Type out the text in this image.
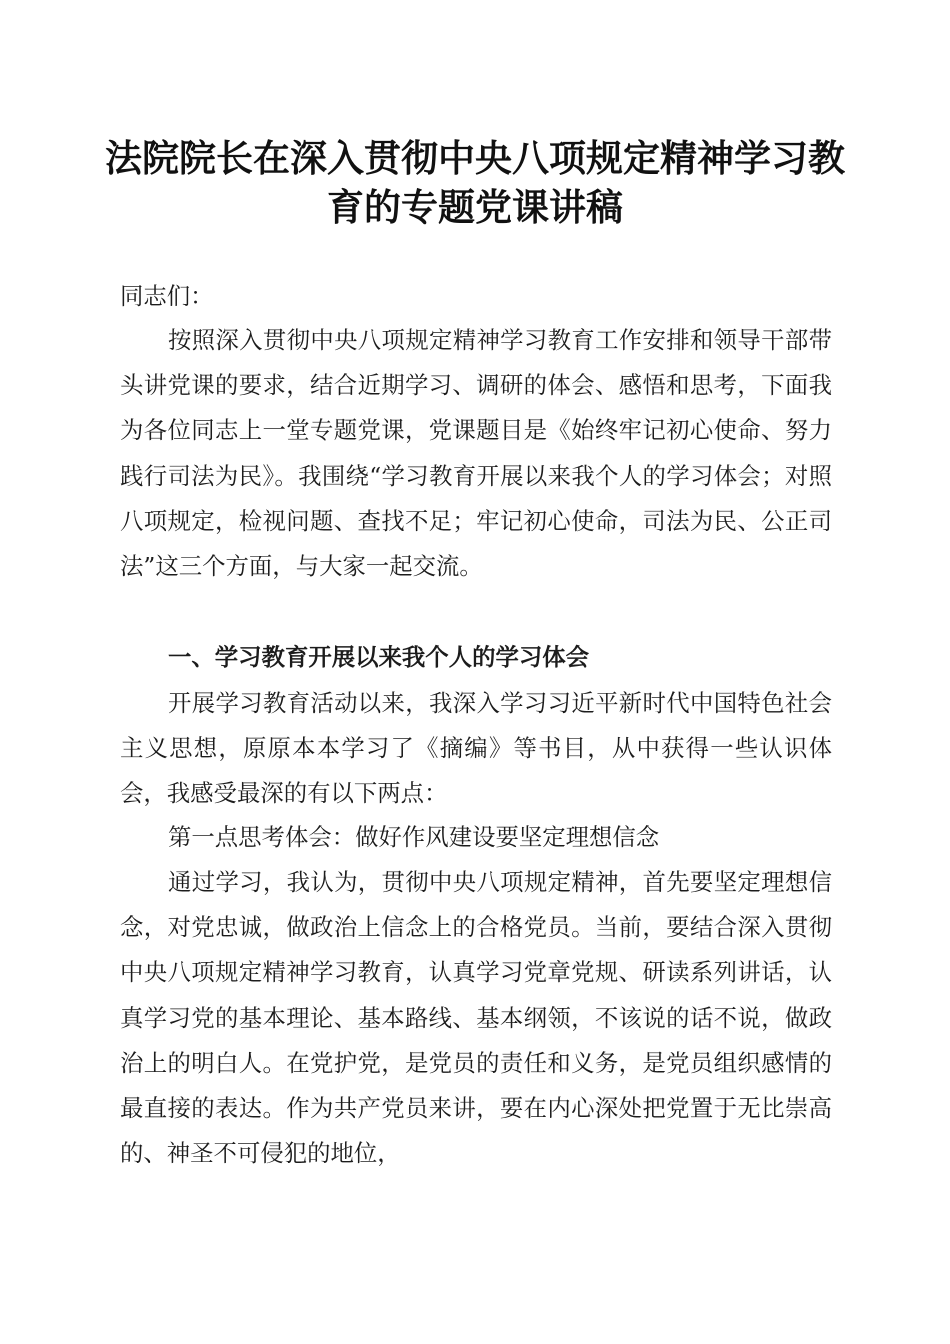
法院院长在深入贯彻中央八项规定精神学习教
育的专题党课讲稿

同志们：

按照深入贯彻中央八项规定精神学习教育工作安排和领导干部带头讲党课的要求，结合近期学习、调研的体会、感悟和思考，下面我为各位同志上一堂专题党课，党课题目是《始终牢记初心使命、努力践行司法为民》。我围绕“学习教育开展以来我个人的学习体会；对照八项规定，检视问题、查找不足；牢记初心使命，司法为民、公正司法”这三个方面，与大家一起交流。

一、学习教育开展以来我个人的学习体会

开展学习教育活动以来，我深入学习习近平新时代中国特色社会主义思想，原原本本学习了《摘编》等书目，从中获得一些认识体会，我感受最深的有以下两点：

第一点思考体会：做好作风建设要坚定理想信念

通过学习，我认为，贯彻中央八项规定精神，首先要坚定理想信念，对党忠诚，做政治上信念上的合格党员。当前，要结合深入贯彻中央八项规定精神学习教育，认真学习党章党规、研读系列讲话，认真学习党的基本理论、基本路线、基本纲领，不该说的话不说，做政治上的明白人。在党护党，是党员的责任和义务，是党员组织感情的最直接的表达。作为共产党员来讲，要在内心深处把党置于无比崇高的、神圣不可侵犯的地位，
